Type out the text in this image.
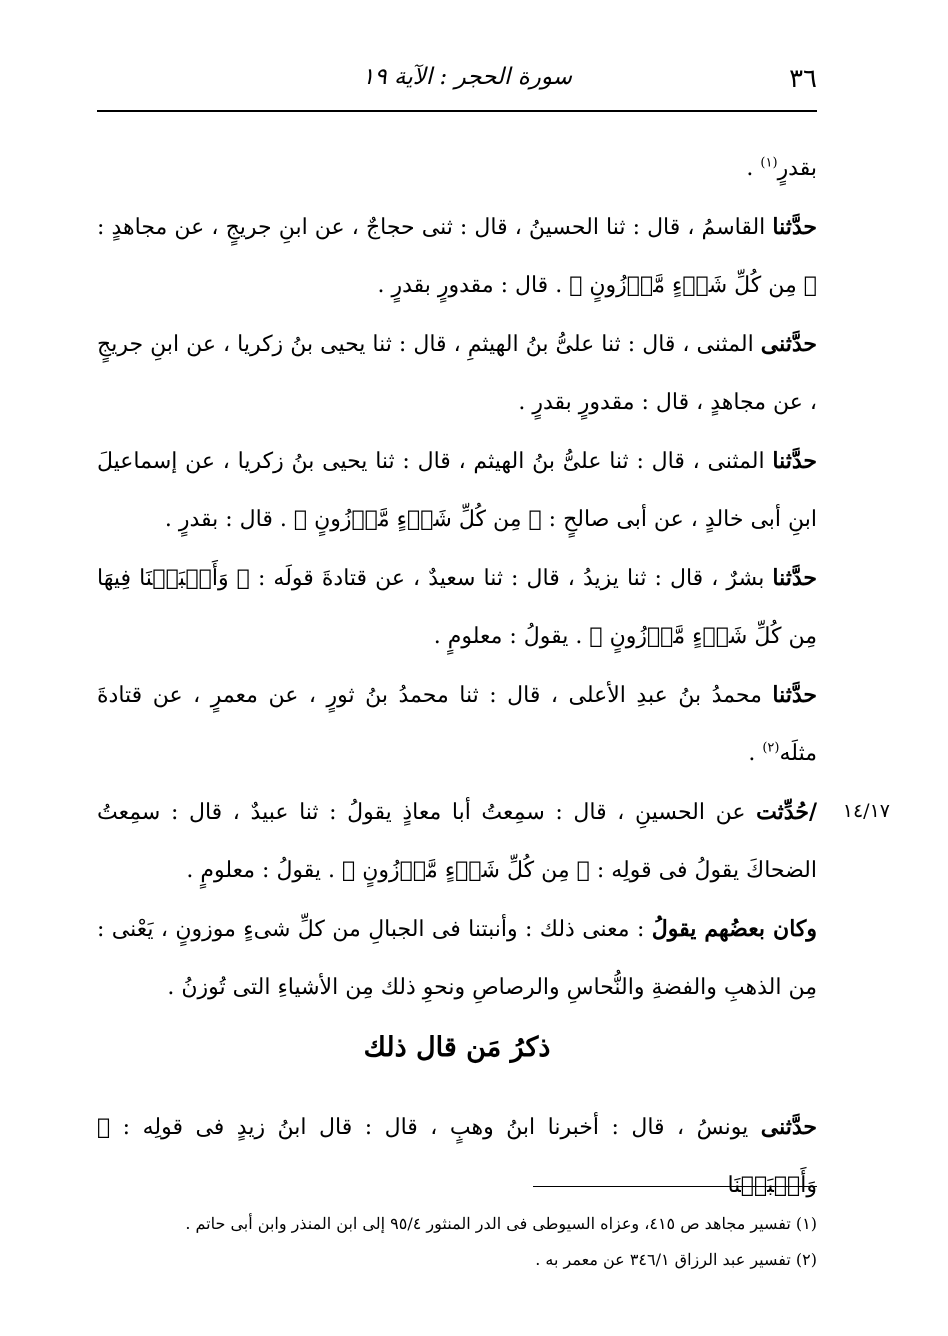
٣٦
سورة الحجر : الآية ١٩

بقدرٍ$^{(١)}$ .

حدَّثنا القاسمُ ، قال : ثنا الحسينُ ، قال : ثنى حجاجٌ ، عن ابنِ جريجٍ ، عن مجاهدٍ : ﴿ مِن كُلِّ شَىۡءٍ مَّوۡزُونٍ ﴾ . قال : مقدورٍ بقدرٍ .

حدَّثنى المثنى ، قال : ثنا علىُّ بنُ الهيثمِ ، قال : ثنا يحيى بنُ زكريا ، عن ابنِ جريجٍ ، عن مجاهدٍ ، قال : مقدورٍ بقدرٍ .

حدَّثنا المثنى ، قال : ثنا علىُّ بنُ الهيثم ، قال : ثنا يحيى بنُ زكريا ، عن إسماعيلَ ابنِ أبى خالدٍ ، عن أبى صالحٍ : ﴿ مِن كُلِّ شَىۡءٍ مَّوۡزُونٍ ﴾ . قال : بقدرٍ .

حدَّثنا بشرٌ ، قال : ثنا يزيدُ ، قال : ثنا سعيدٌ ، عن قتادةَ قولَه : ﴿ وَأَنۢبَتۡنَا فِيهَا مِن كُلِّ شَىۡءٍ مَّوۡزُونٍ ﴾ . يقولُ : معلومٍ .

حدَّثنا محمدُ بنُ عبدِ الأعلى ، قال : ثنا محمدُ بنُ ثورٍ ، عن معمرٍ ، عن قتادةَ مثلَه$^{(٢)}$ .

/حُدِّثت عن الحسينِ ، قال : سمِعتُ أبا معاذٍ يقولُ : ثنا عبيدٌ ، قال : سمِعتُ الضحاكَ يقولُ فى قولِه : ﴿ مِن كُلِّ شَىۡءٍ مَّوۡزُونٍ ﴾ . يقولُ : معلومٍ .

وكان بعضُهم يقولُ : معنى ذلك : وأنبتنا فى الجبالِ من كلِّ شىءٍ موزونٍ ، يَعْنى : مِن الذهبِ والفضةِ والنُّحاسِ والرصاصِ ونحوِ ذلك مِن الأشياءِ التى تُوزنُ .

١٤/١٧
ذكرُ مَن قال ذلك

حدَّثنى يونسُ ، قال : أخبرنا ابنُ وهبٍ ، قال : قال ابنُ زيدٍ فى قولِه : ﴿ وَأَنۢبَتۡنَا

(١) تفسير مجاهد ص ٤١٥، وعزاه السيوطى فى الدر المنثور ٩٥/٤ إلى ابن المنذر وابن أبى حاتم .

(٢) تفسير عبد الرزاق ٣٤٦/١ عن معمر به .
